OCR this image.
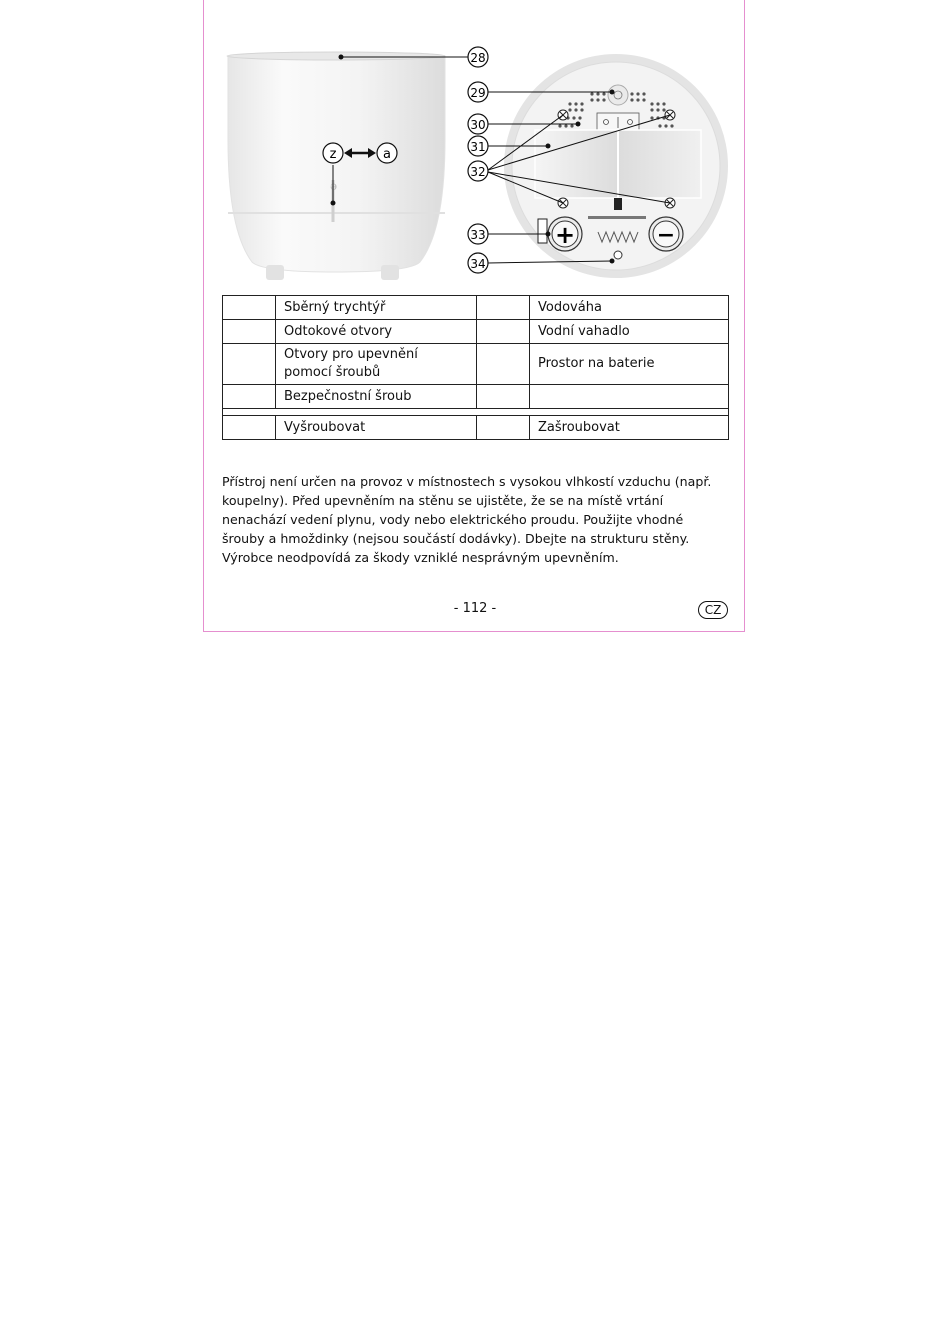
ə
z	a
+	−
28
29
30
31
32
33
34
	Sběrný trychtýř		Vodováha
	Odtokové otvory		Vodní vahadlo
	Otvory pro upevnění pomocí šroubů		Prostor na baterie
	Bezpečnostní šroub		

	Vyšroubovat		Zašroubovat

Přístroj není určen na provoz v místnostech s vysokou vlhkostí vzduchu (např. koupelny). Před upevněním na stěnu se ujistěte, že se na místě vrtání nenachází vedení plynu, vody nebo elektrického proudu. Použijte vhodné šrouby a hmoždinky (nejsou součástí dodávky). Dbejte na strukturu stěny. Výrobce neodpovídá za škody vzniklé nesprávným upevněním.

- 112 -	CZ
